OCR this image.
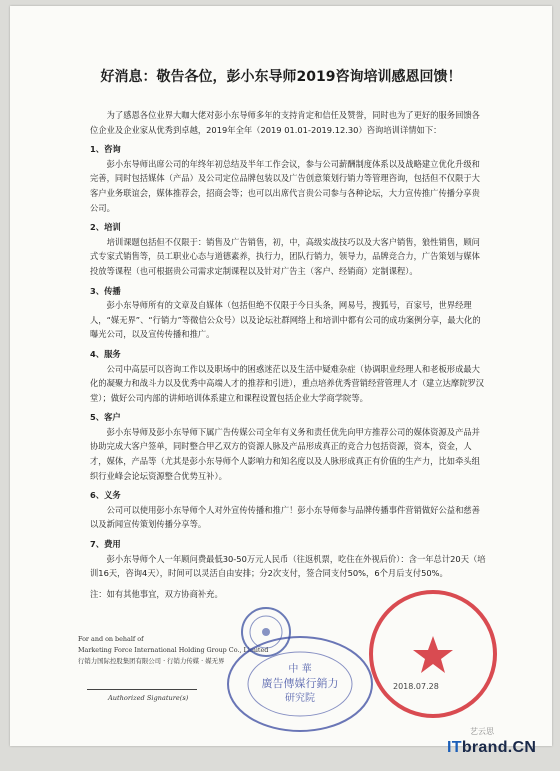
好消息：敬告各位，彭小东导师2019咨询培训感恩回馈！

为了感恩各位业界大咖大佬对彭小东导师多年的支持肯定和信任及赞誉，同时也为了更好的服务回馈各位企业及企业家从优秀到卓越，2019年全年（2019 01.01-2019.12.30）咨询培训详情如下：

1、咨询

彭小东导师出席公司的年终年初总结及半年工作会议，参与公司薪酬制度体系以及战略建立优化升级和完善，同时包括媒体（产品）及公司定位品牌包装以及广告创意策划行销力等管理咨询，包括但不仅限于大客户业务联谊会，媒体推荐会，招商会等；也可以出席代言贵公司参与各种论坛，大力宣传推广传播分享贵公司。

2、培训

培训课题包括但不仅限于：销售及广告销售，初，中，高级实战技巧以及大客户销售，狼性销售，顾问式专家式销售等，员工职业心态与道德素养，执行力，团队行销力，领导力，品牌竞合力，广告策划与媒体投放等课程（也可根据贵公司需求定制课程以及针对广告主（客户、经销商）定制课程）。

3、传播

彭小东导师所有的文章及自媒体（包括但绝不仅限于今日头条，网易号，搜狐号，百家号，世界经理人，“媒无界”、“行销力”等微信公众号）以及论坛社群网络上和培训中都有公司的成功案例分享，最大化的曝光公司，以及宣传传播和推广。

4、服务

公司中高层可以咨询工作以及职场中的困惑迷茫以及生活中疑难杂症（协调职业经理人和老板形成最大化的凝聚力和战斗力以及优秀中高端人才的推荐和引进），重点培养优秀营销经营管理人才（建立达摩院罗汉堂）；做好公司内部的讲师培训体系建立和课程设置包括企业大学商学院等。

5、客户

彭小东导师及彭小东导师下属广告传媒公司全年有义务和责任优先向甲方推荐公司的媒体资源及产品并协助完成大客户签单，同时整合甲乙双方的资源人脉及产品形成真正的竞合力包括资源，资本，资金，人才，媒体，产品等（尤其是彭小东导师个人影响力和知名度以及人脉形成真正有价值的生产力，比如牵头组织行业峰会论坛资源整合优势互补）。

6、义务

公司可以使用彭小东导师个人对外宣传传播和推广！彭小东导师参与品牌传播事件营销做好公益和慈善以及新闻宣传策划传播分享等。

7、费用

彭小东导师个人一年顾问费最低30-50万元人民币（往返机票，吃住在外视后价）：含一年总计20天（培训16天，咨询4天），时间可以灵活自由安排；分2次支付，签合同支付50%，6个月后支付50%。

注：如有其他事宜，双方协商补充。

For and on behalf of
Marketing Force International Holding Group Co., Limited
行销力国际控股集团有限公司 · 行销力传媒 · 媒无界
Authorized Signature(s)
中 華
廣告傳媒行銷力
研究院
2018.07.28
艺云思
ITbrand.CN
